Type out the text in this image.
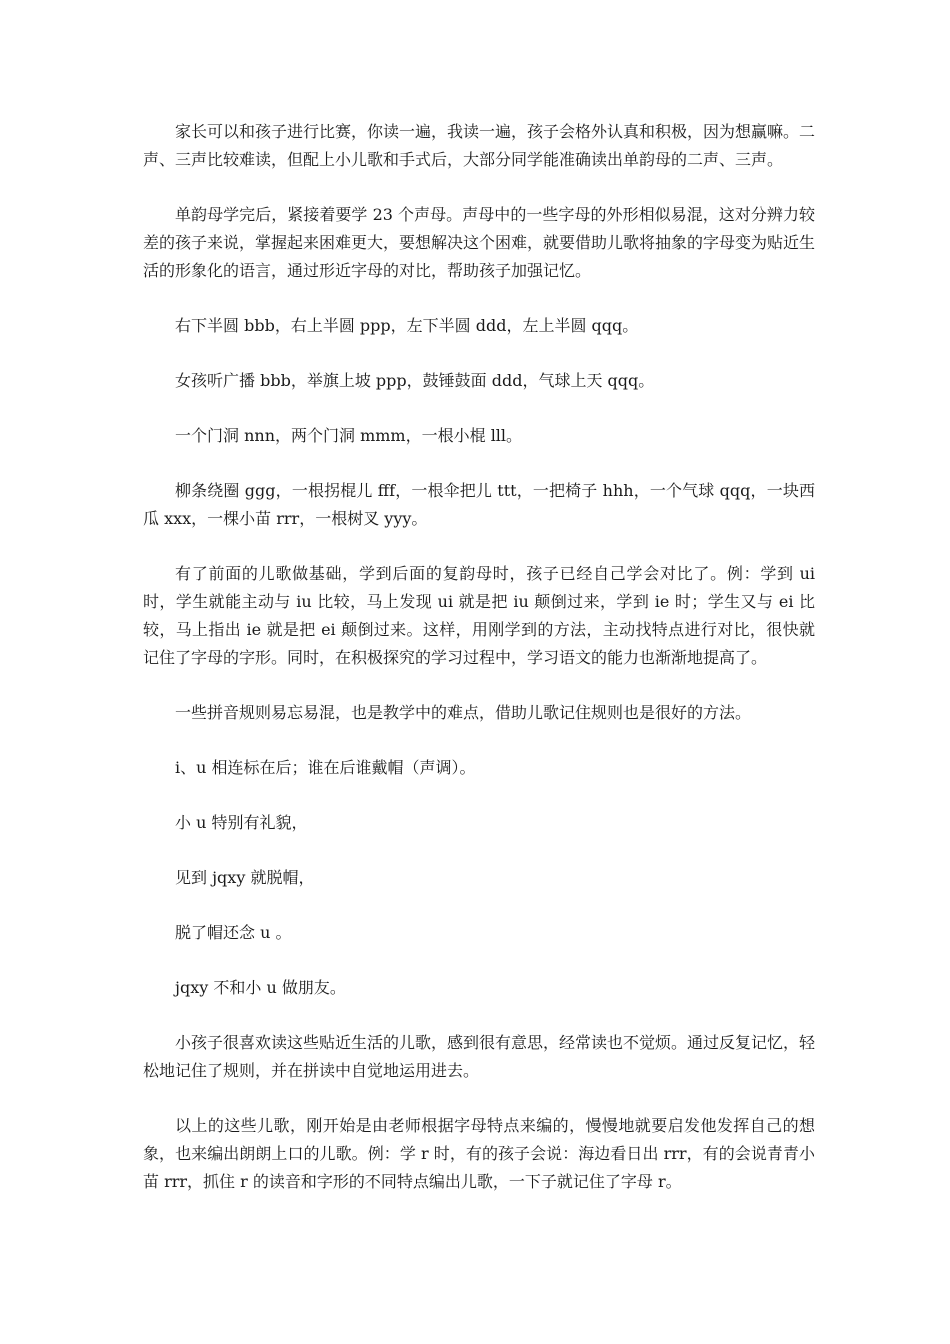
家长可以和孩子进行比赛，你读一遍，我读一遍，孩子会格外认真和积极，因为想赢嘛。二声、三声比较难读，但配上小儿歌和手式后，大部分同学能准确读出单韵母的二声、三声。

单韵母学完后，紧接着要学 23 个声母。声母中的一些字母的外形相似易混，这对分辨力较差的孩子来说，掌握起来困难更大，要想解决这个困难，就要借助儿歌将抽象的字母变为贴近生活的形象化的语言，通过形近字母的对比，帮助孩子加强记忆。

右下半圆 bbb，右上半圆 ppp，左下半圆 ddd，左上半圆 qqq。

女孩听广播 bbb，举旗上坡 ppp，鼓锤鼓面 ddd，气球上天 qqq。

一个门洞 nnn，两个门洞 mmm，一根小棍 lll。

柳条绕圈 ggg，一根拐棍儿 fff，一根伞把儿 ttt，一把椅子 hhh，一个气球 qqq，一块西瓜 xxx，一棵小苗 rrr，一根树叉 yyy。

有了前面的儿歌做基础，学到后面的复韵母时，孩子已经自己学会对比了。例：学到 ui 时，学生就能主动与 iu 比较，马上发现 ui 就是把 iu 颠倒过来，学到 ie 时；学生又与 ei 比较，马上指出 ie 就是把 ei 颠倒过来。这样，用刚学到的方法，主动找特点进行对比，很快就记住了字母的字形。同时，在积极探究的学习过程中，学习语文的能力也渐渐地提高了。

一些拼音规则易忘易混，也是教学中的难点，借助儿歌记住规则也是很好的方法。

i、u 相连标在后；谁在后谁戴帽（声调）。

小 u 特别有礼貌，

见到 jqxy 就脱帽，

脱了帽还念 u 。

jqxy 不和小 u 做朋友。

小孩子很喜欢读这些贴近生活的儿歌，感到很有意思，经常读也不觉烦。通过反复记忆，轻松地记住了规则，并在拼读中自觉地运用进去。

以上的这些儿歌，刚开始是由老师根据字母特点来编的，慢慢地就要启发他发挥自己的想象，也来编出朗朗上口的儿歌。例：学 r 时，有的孩子会说：海边看日出 rrr，有的会说青青小苗 rrr，抓住 r 的读音和字形的不同特点编出儿歌，一下子就记住了字母 r。
